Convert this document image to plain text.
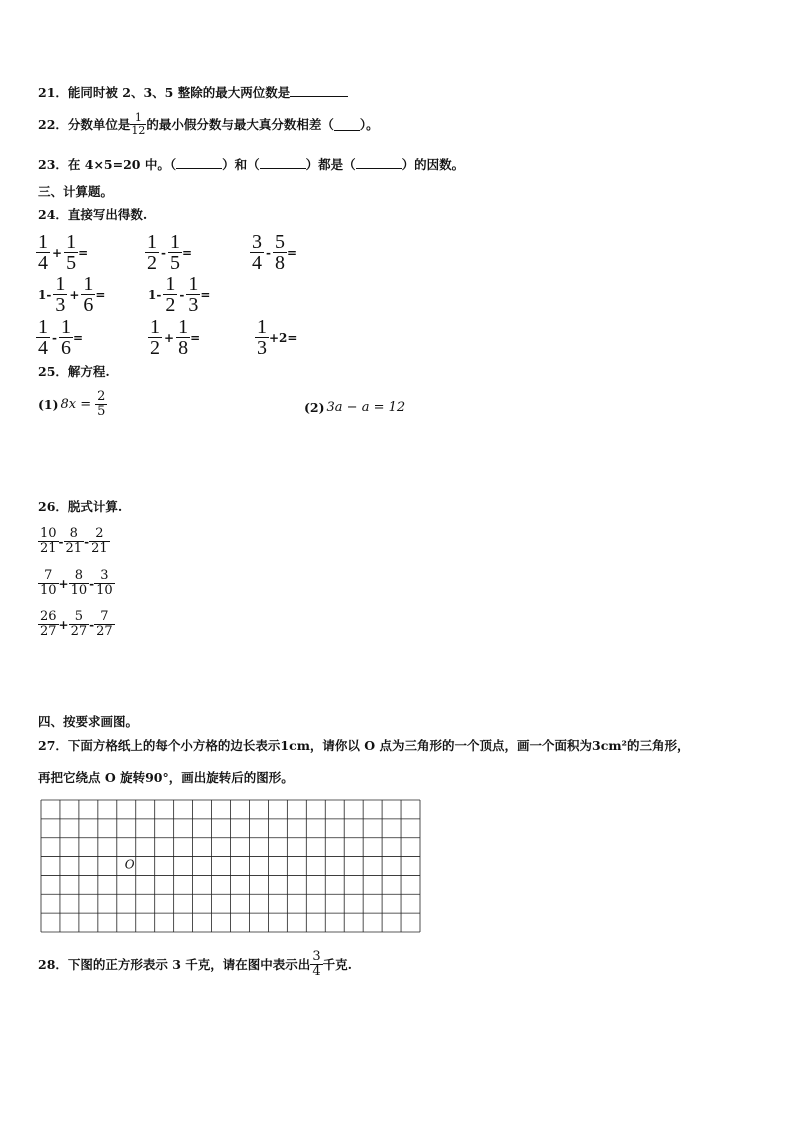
21．能同时被 2、3、5 整除的最大两位数是
22．分数单位是 $\frac{1}{12}$ 的最小假分数与最大真分数相差（ ）。
23．在 4×5=20 中。（	）和（	）都是（	）的因数。
三、计算题。
24．直接写出得数.
$\frac{1}{4} + \frac{1}{5}$ =	$\frac{1}{2} - \frac{1}{5}$ =	$\frac{3}{4} - \frac{5}{8}$ =
$1- \frac{1}{3} + \frac{1}{6}$ =	$1- \frac{1}{2} - \frac{1}{3}$ =
$\frac{1}{4} - \frac{1}{6}$ =	$\frac{1}{2} + \frac{1}{8}$ =	$\frac{1}{3} +2=$
25．解方程.
(1) $8x = \frac{2}{5}$	(2) 3a − a = 12
26．脱式计算.
$\frac{10}{21} - \frac{8}{21} - \frac{2}{21}$
$\frac{7}{10} + \frac{8}{10} - \frac{3}{10}$
$\frac{26}{27} + \frac{5}{27} - \frac{7}{27}$
四、按要求画图。
27．下面方格纸上的每个小方格的边长表示1cm，请你以 O 点为三角形的一个顶点，画一个面积为3cm²的三角形，
再把它绕点 O 旋转90°，画出旋转后的图形。
O
28．下图的正方形表示 3 千克，请在图中表示出 $\frac{3}{4}$ 千克.
